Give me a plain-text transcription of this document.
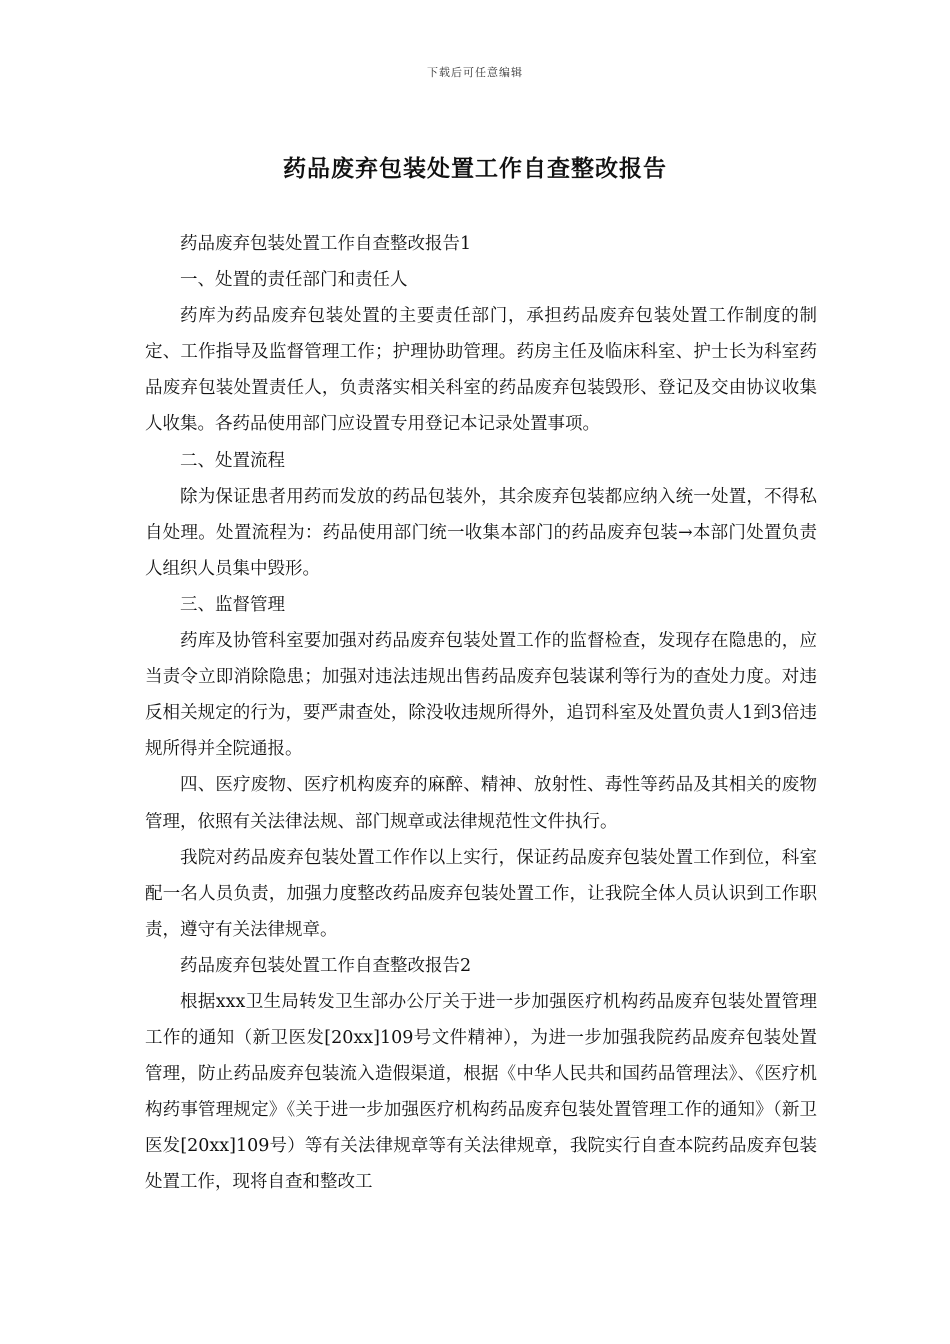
下载后可任意编辑
药品废弃包装处置工作自查整改报告

药品废弃包装处置工作自查整改报告1

一、处置的责任部门和责任人

药库为药品废弃包装处置的主要责任部门，承担药品废弃包装处置工作制度的制定、工作指导及监督管理工作；护理协助管理。药房主任及临床科室、护士长为科室药品废弃包装处置责任人，负责落实相关科室的药品废弃包装毁形、登记及交由协议收集人收集。各药品使用部门应设置专用登记本记录处置事项。

二、处置流程

除为保证患者用药而发放的药品包装外，其余废弃包装都应纳入统一处置，不得私自处理。处置流程为：药品使用部门统一收集本部门的药品废弃包装→本部门处置负责人组织人员集中毁形。

三、监督管理

药库及协管科室要加强对药品废弃包装处置工作的监督检查，发现存在隐患的，应当责令立即消除隐患；加强对违法违规出售药品废弃包装谋利等行为的查处力度。对违反相关规定的行为，要严肃查处，除没收违规所得外，追罚科室及处置负责人1到3倍违规所得并全院通报。

四、医疗废物、医疗机构废弃的麻醉、精神、放射性、毒性等药品及其相关的废物管理，依照有关法律法规、部门规章或法律规范性文件执行。

我院对药品废弃包装处置工作作以上实行，保证药品废弃包装处置工作到位，科室配一名人员负责，加强力度整改药品废弃包装处置工作，让我院全体人员认识到工作职责，遵守有关法律规章。

药品废弃包装处置工作自查整改报告2

根据xxx卫生局转发卫生部办公厅关于进一步加强医疗机构药品废弃包装处置管理工作的通知（新卫医发[20xx]109号文件精神），为进一步加强我院药品废弃包装处置管理，防止药品废弃包装流入造假渠道，根据《中华人民共和国药品管理法》、《医疗机构药事管理规定》《关于进一步加强医疗机构药品废弃包装处置管理工作的通知》（新卫医发[20xx]109号）等有关法律规章等有关法律规章，我院实行自查本院药品废弃包装处置工作，现将自查和整改工
